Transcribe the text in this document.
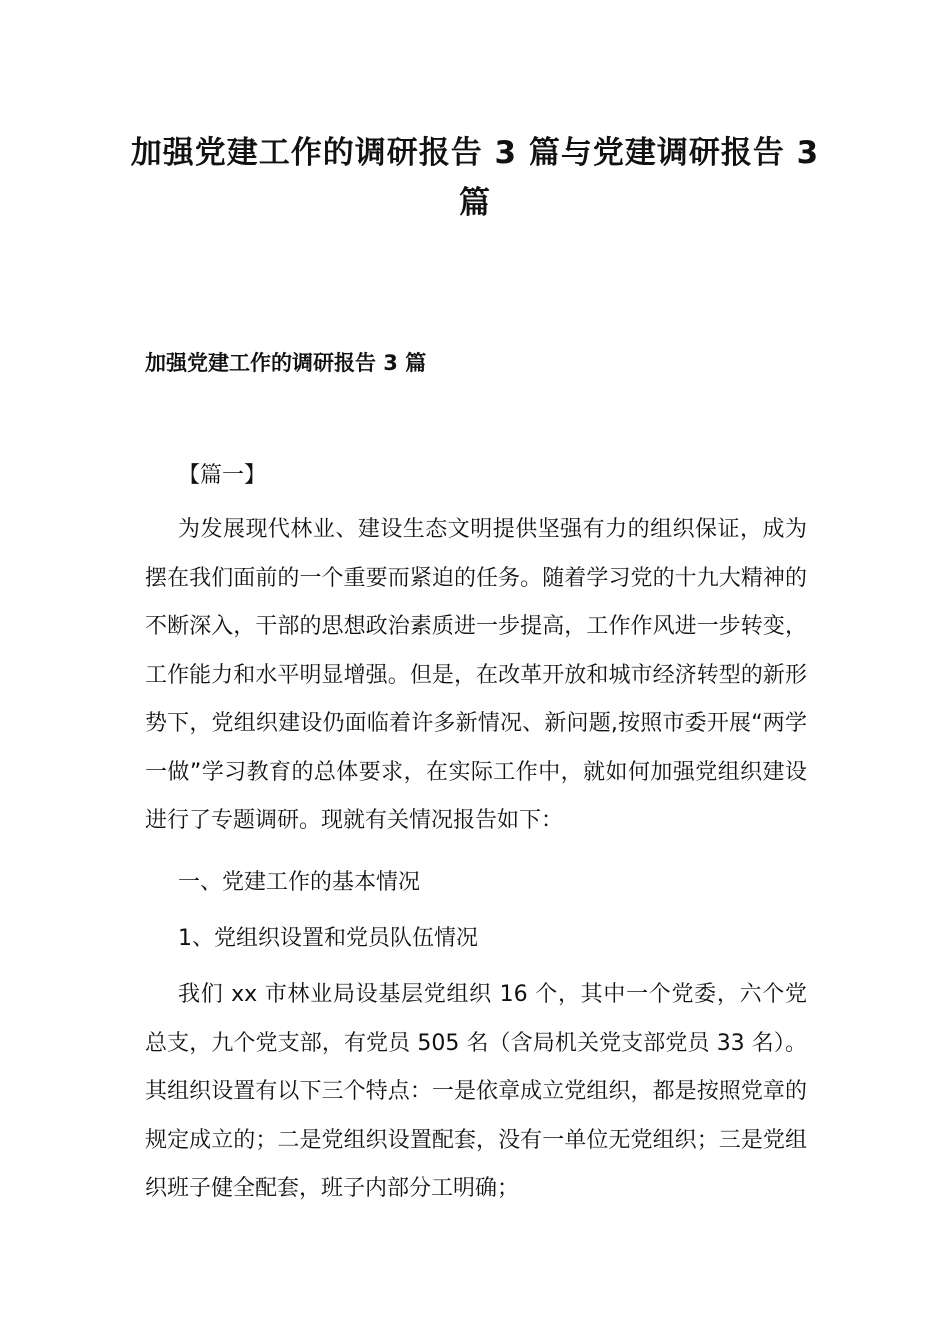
加强党建工作的调研报告 3 篇与党建调研报告 3 篇
加强党建工作的调研报告 3 篇

【篇一】

为发展现代林业、建设生态文明提供坚强有力的组织保证，成为摆在我们面前的一个重要而紧迫的任务。随着学习党的十九大精神的不断深入，干部的思想政治素质进一步提高，工作作风进一步转变，工作能力和水平明显增强。但是，在改革开放和城市经济转型的新形势下，党组织建设仍面临着许多新情况、新问题,按照市委开展“两学一做”学习教育的总体要求，在实际工作中，就如何加强党组织建设进行了专题调研。现就有关情况报告如下：

一、党建工作的基本情况

1、党组织设置和党员队伍情况

我们 xx 市林业局设基层党组织 16 个，其中一个党委，六个党总支，九个党支部，有党员 505 名（含局机关党支部党员 33 名）。其组织设置有以下三个特点：一是依章成立党组织，都是按照党章的规定成立的；二是党组织设置配套，没有一单位无党组织；三是党组织班子健全配套，班子内部分工明确；
